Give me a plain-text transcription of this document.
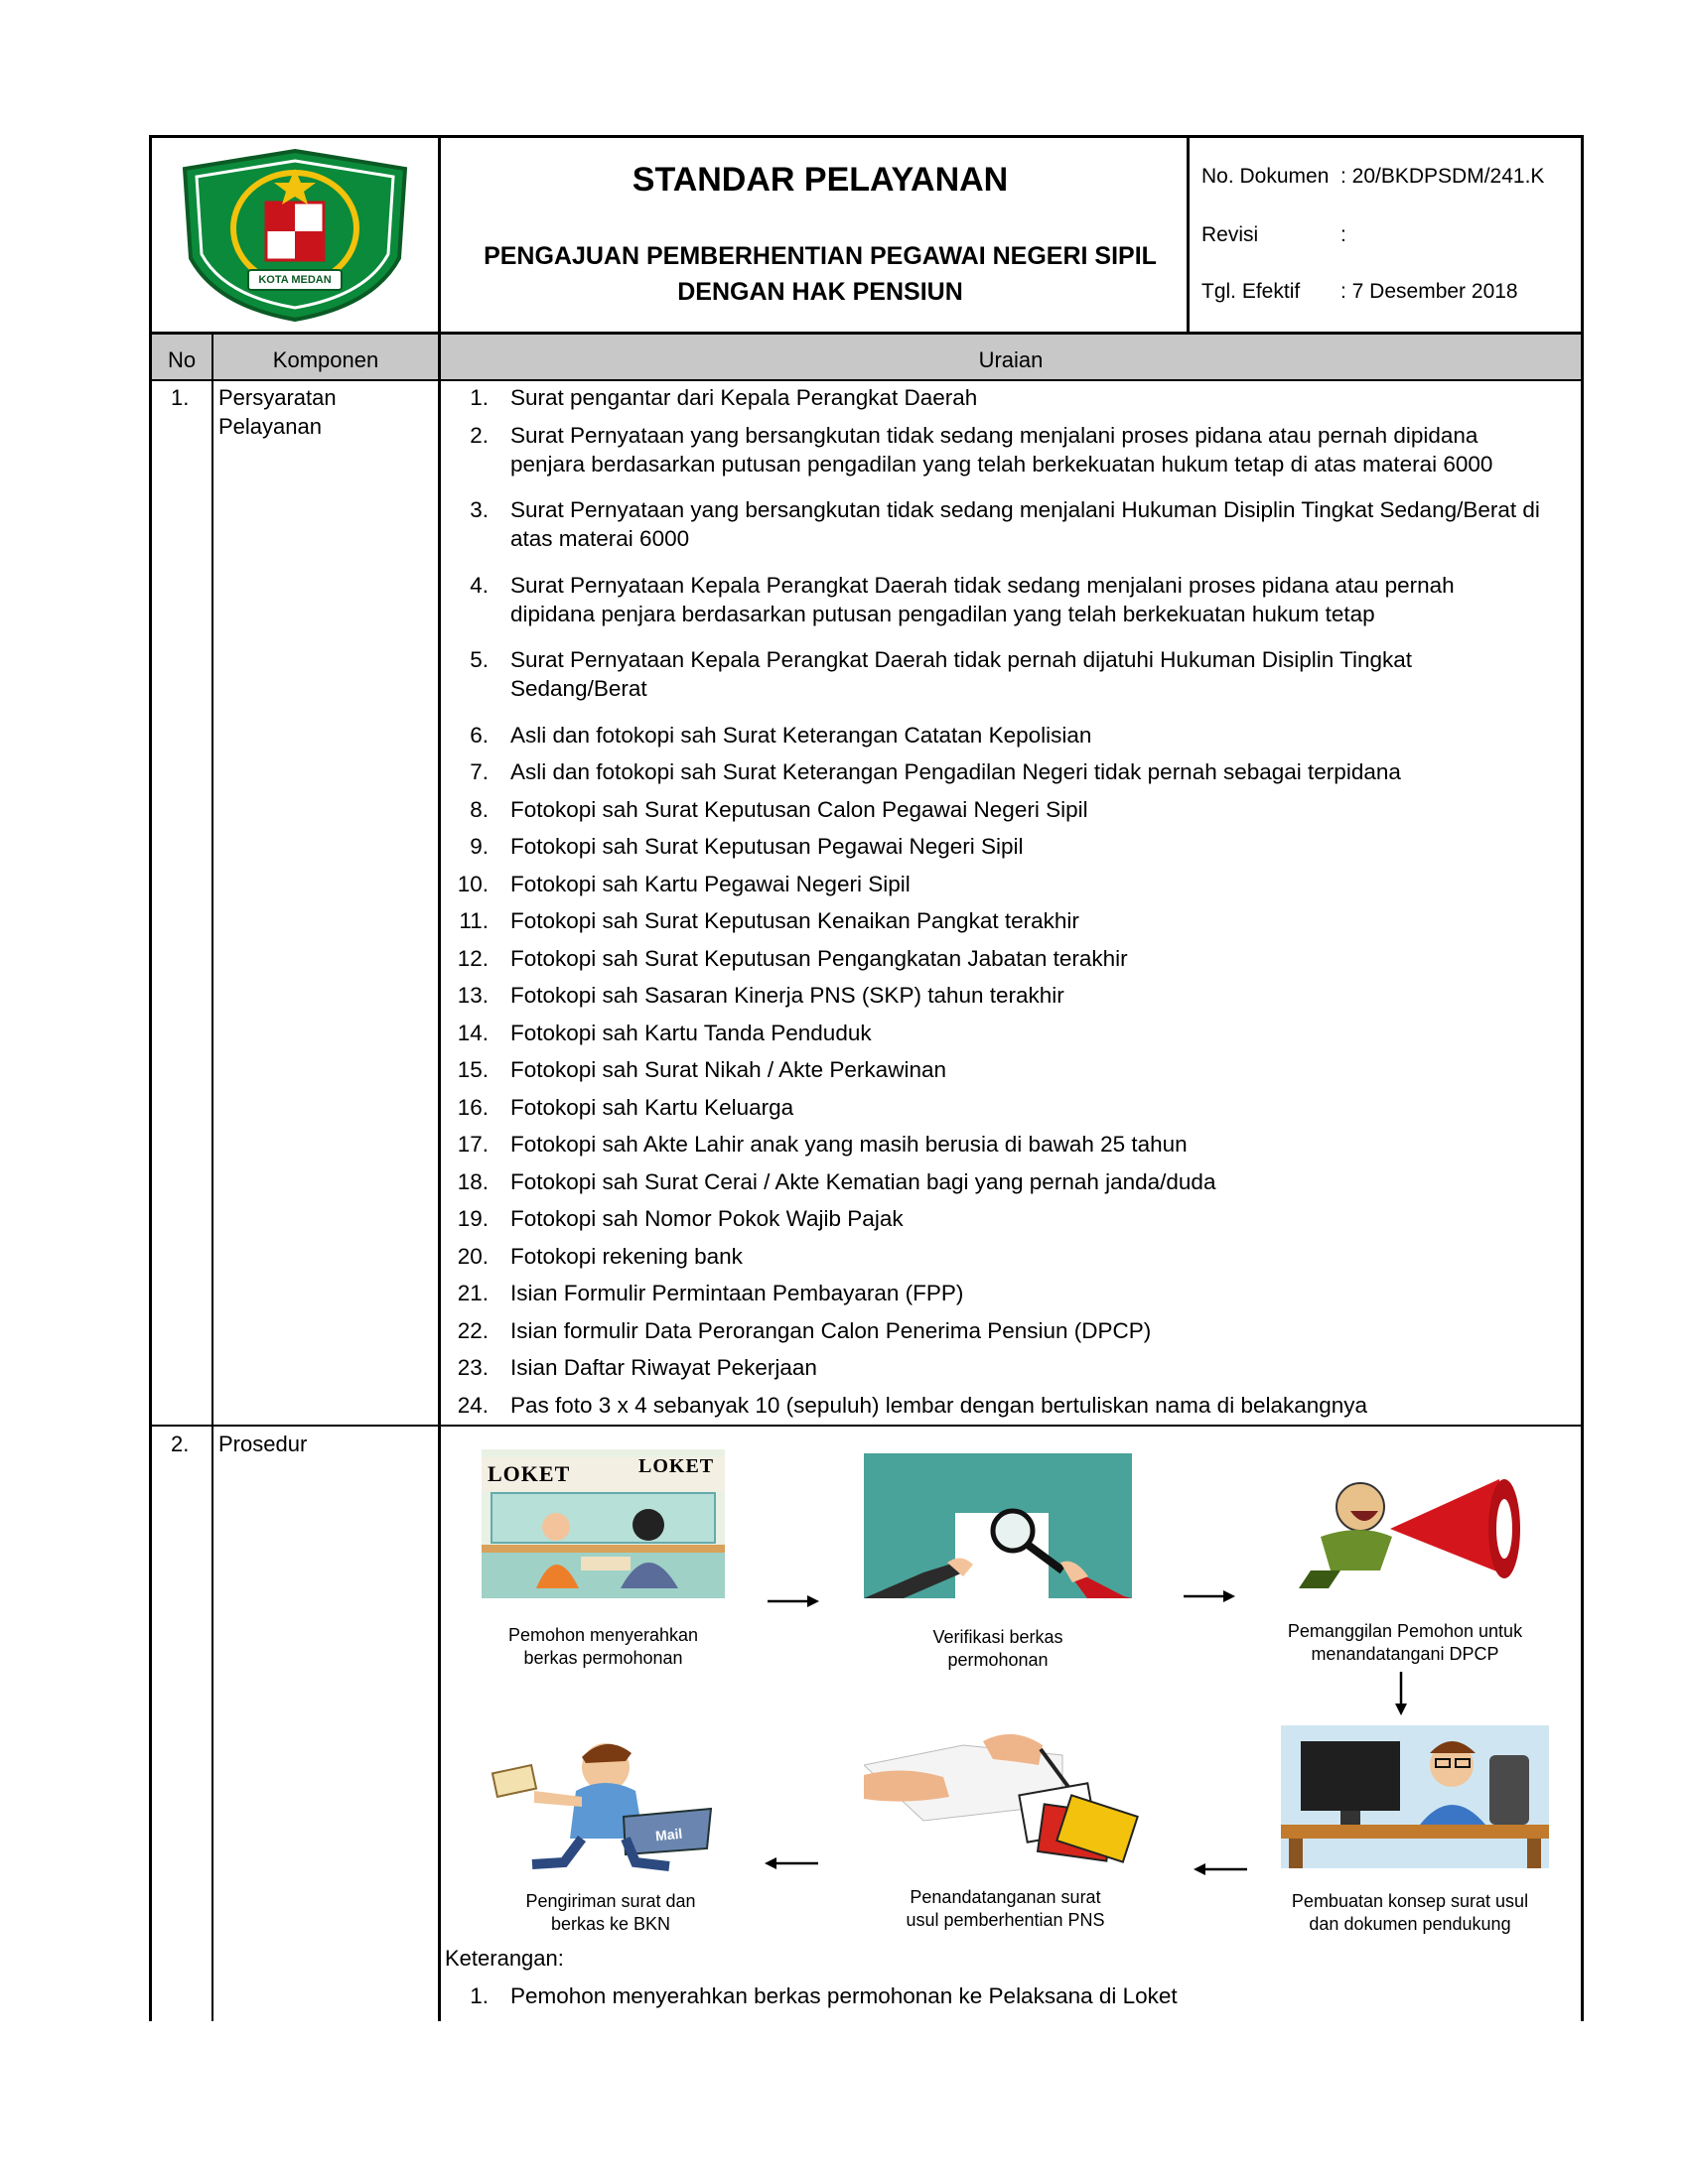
KOTA MEDAN
STANDAR PELAYANAN
PENGAJUAN PEMBERHENTIAN PEGAWAI NEGERI SIPIL
DENGAN HAK PENSIUN
No. Dokumen : 20/BKDPSDM/241.K
Revisi	:
Tgl. Efektif : 7 Desember 2018
No	Komponen	Uraian
1. Persyaratan
Pelayanan
1. Surat pengantar dari Kepala Perangkat Daerah
2. Surat Pernyataan yang bersangkutan tidak sedang menjalani proses pidana atau pernah dipidana
penjara berdasarkan putusan pengadilan yang telah berkekuatan hukum tetap di atas materai 6000
3. Surat Pernyataan yang bersangkutan tidak sedang menjalani Hukuman Disiplin Tingkat Sedang/Berat di
atas materai 6000
4. Surat Pernyataan Kepala Perangkat Daerah tidak sedang menjalani proses pidana atau pernah
dipidana penjara berdasarkan putusan pengadilan yang telah berkekuatan hukum tetap
5. Surat Pernyataan Kepala Perangkat Daerah tidak pernah dijatuhi Hukuman Disiplin Tingkat
Sedang/Berat
6. Asli dan fotokopi sah Surat Keterangan Catatan Kepolisian
7. Asli dan fotokopi sah Surat Keterangan Pengadilan Negeri tidak pernah sebagai terpidana
8. Fotokopi sah Surat Keputusan Calon Pegawai Negeri Sipil
9. Fotokopi sah Surat Keputusan Pegawai Negeri Sipil
10. Fotokopi sah Kartu Pegawai Negeri Sipil
11. Fotokopi sah Surat Keputusan Kenaikan Pangkat terakhir
12. Fotokopi sah Surat Keputusan Pengangkatan Jabatan terakhir
13. Fotokopi sah Sasaran Kinerja PNS (SKP) tahun terakhir
14. Fotokopi sah Kartu Tanda Penduduk
15. Fotokopi sah Surat Nikah / Akte Perkawinan
16. Fotokopi sah Kartu Keluarga
17. Fotokopi sah Akte Lahir anak yang masih berusia di bawah 25 tahun
18. Fotokopi sah Surat Cerai / Akte Kematian bagi yang pernah janda/duda
19. Fotokopi sah Nomor Pokok Wajib Pajak
20. Fotokopi rekening bank
21. Isian Formulir Permintaan Pembayaran (FPP)
22. Isian formulir Data Perorangan Calon Penerima Pensiun (DPCP)
23. Isian Daftar Riwayat Pekerjaan
24. Pas foto 3 x 4 sebanyak 10 (sepuluh) lembar dengan bertuliskan nama di belakangnya
2. Prosedur
LOKET	LOKET
Pemohon menyerahkan
berkas permohonan
Verifikasi berkas
permohonan
Pemanggilan Pemohon untuk
menandatangani DPCP
Pembuatan konsep surat usul
dan dokumen pendukung
Penandatanganan surat
usul pemberhentian PNS
Mail
Pengiriman surat dan
berkas ke BKN
Keterangan:
1. Pemohon menyerahkan berkas permohonan ke Pelaksana di Loket
